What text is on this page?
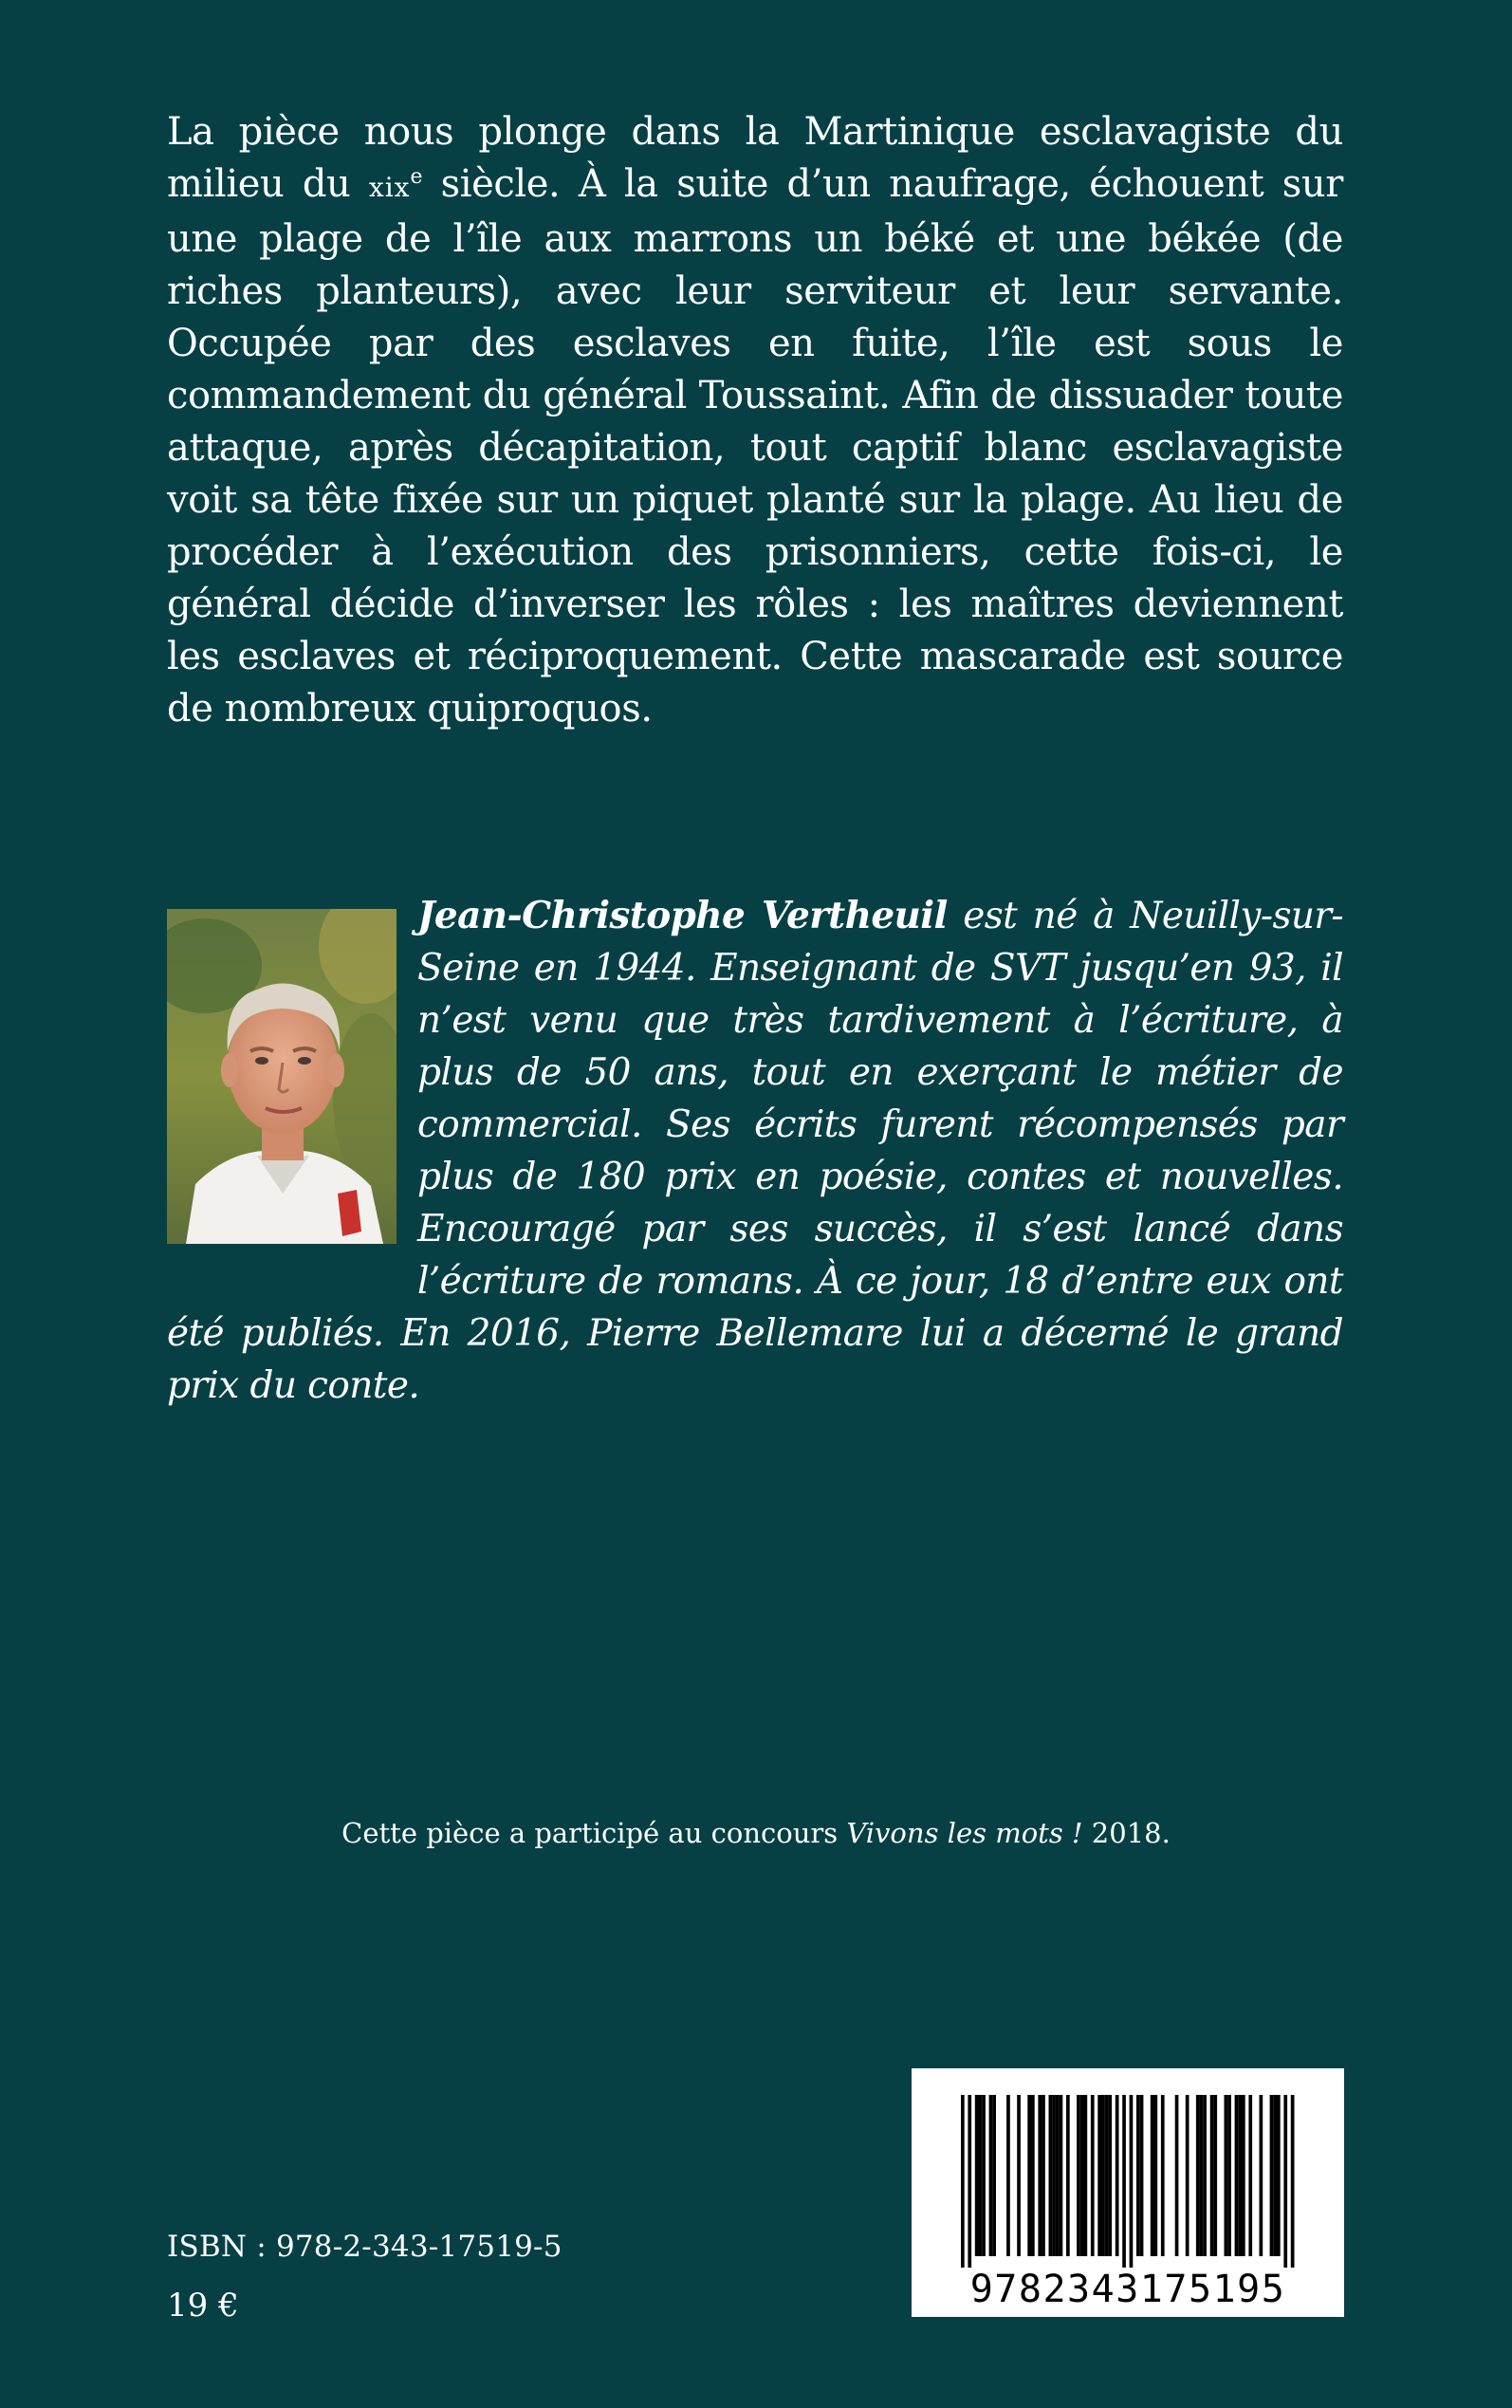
La pièce nous plonge dans la Martinique esclavagiste du milieu du xix$^e$ siècle. À la suite d’un naufrage, échouent sur une plage de l’île aux marrons un béké et une békée (de riches planteurs), avec leur serviteur et leur servante. Occupée par des esclaves en fuite, l’île est sous le commandement du général Toussaint. Afin de dissuader toute attaque, après décapitation, tout captif blanc esclavagiste voit sa tête fixée sur un piquet planté sur la plage. Au lieu de procéder à l’exécution des prisonniers, cette fois-ci, le général décide d’inverser les rôles : les maîtres deviennent les esclaves et réciproquement. Cette mascarade est source de nombreux quiproquos.

Jean-Christophe Vertheuil est né à Neuilly-sur-Seine en 1944. Enseignant de SVT jusqu’en 93, il n’est venu que très tardivement à l’écriture, à plus de 50 ans, tout en exerçant le métier de commercial. Ses écrits furent récompensés par plus de 180 prix en poésie, contes et nouvelles. Encouragé par ses succès, il s’est lancé dans l’écriture de romans. À ce jour, 18 d’entre eux ont été publiés. En 2016, Pierre Bellemare lui a décerné le grand prix du conte.

Cette pièce a participé au concours Vivons les mots ! 2018.

9782343175195

ISBN : 978-2-343-17519-5

19 €
